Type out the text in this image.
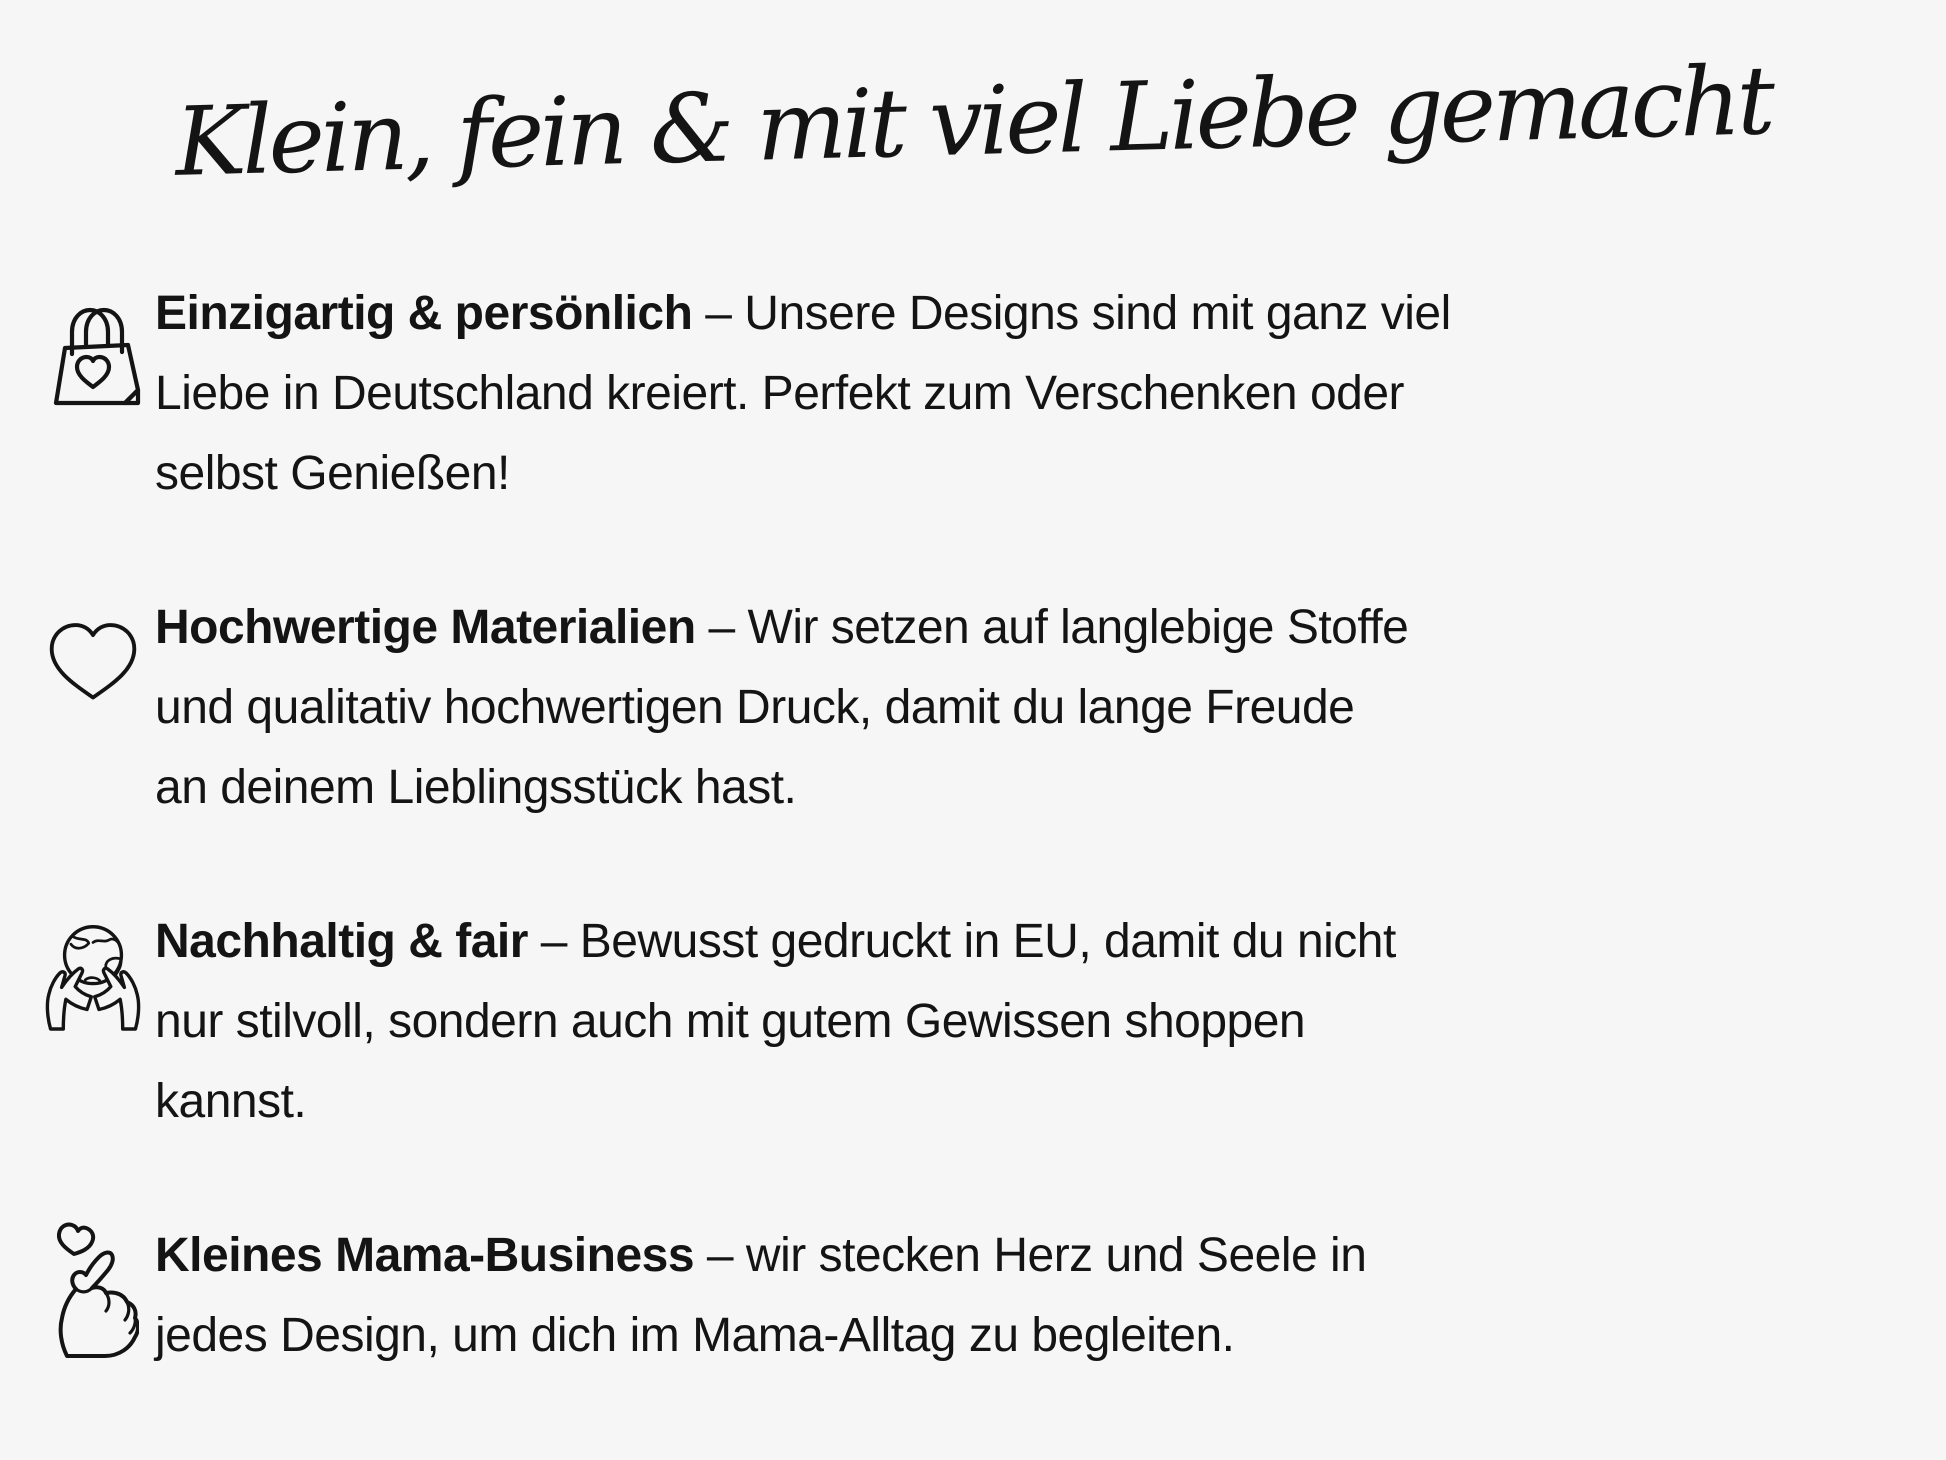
Klein, fein & mit viel Liebe gemacht
Einzigartig & persönlich – Unsere Designs sind mit ganz viel
Liebe in Deutschland kreiert. Perfekt zum Verschenken oder
selbst Genießen!
Hochwertige Materialien – Wir setzen auf langlebige Stoffe
und qualitativ hochwertigen Druck, damit du lange Freude
an deinem Lieblingsstück hast.
Nachhaltig & fair – Bewusst gedruckt in EU, damit du nicht
nur stilvoll, sondern auch mit gutem Gewissen shoppen
kannst.
Kleines Mama-Business – wir stecken Herz und Seele in
jedes Design, um dich im Mama-Alltag zu begleiten.
